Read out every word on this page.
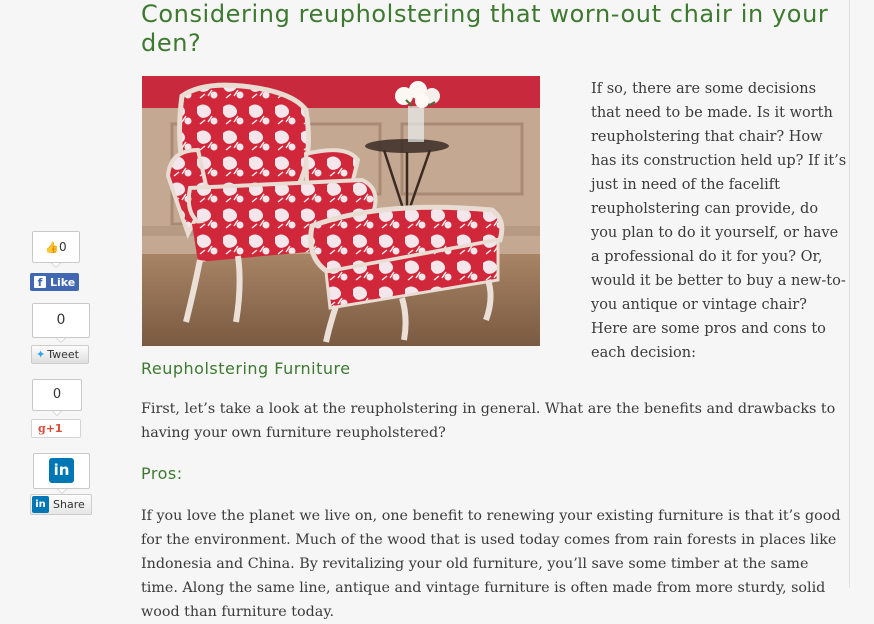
Considering reupholstering that worn-out chair in your den?

If so, there are some decisions that need to be made. Is it worth reupholstering that chair? How has its construction held up? If it’s just in need of the facelift reupholstering can provide, do you plan to do it yourself, or have a professional do it for you? Or, would it be better to buy a new-to-you antique or vintage chair? Here are some pros and cons to each decision:

Reupholstering Furniture

First, let’s take a look at the reupholstering in general. What are the benefits and drawbacks to having your own furniture reupholstered?

Pros:

If you love the planet we live on, one benefit to renewing your existing furniture is that it’s good for the environment. Much of the wood that is used today comes from rain forests in places like Indonesia and China. By revitalizing your old furniture, you’ll save some timber at the same time. Along the same line, antique and vintage furniture is often made from more sturdy, solid wood than furniture today.

👍0
f Like
0
✦ Tweet
0
g +1
in
in Share
